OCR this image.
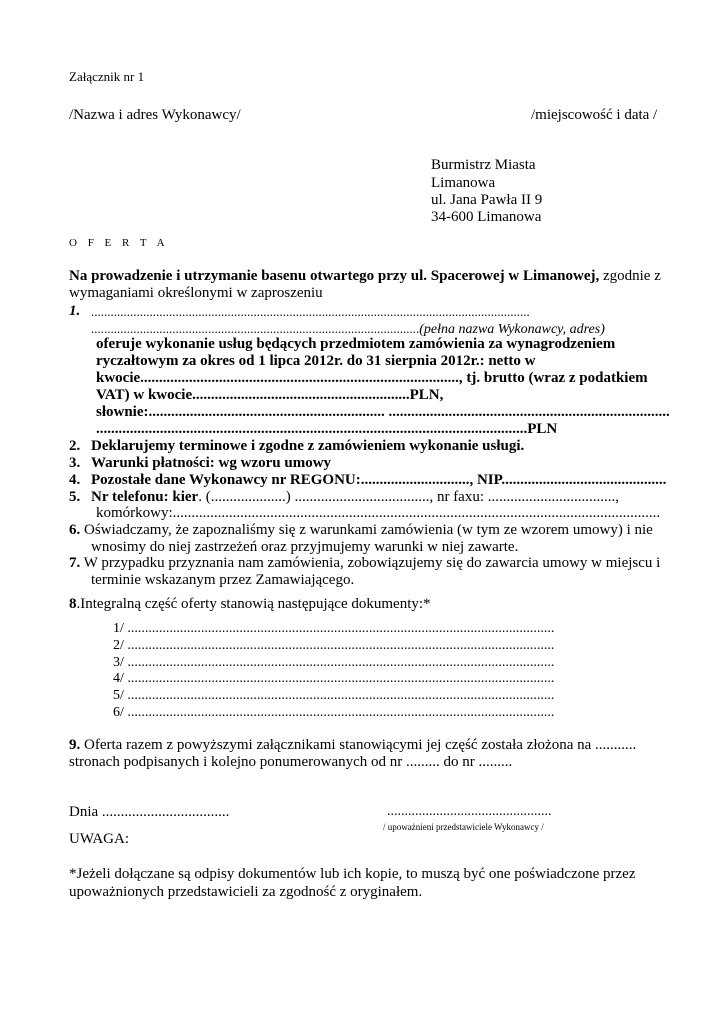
Załącznik nr 1
/Nazwa i adres Wykonawcy/	/miejscowość i data /
Burmistrz Miasta
Limanowa
ul. Jana Pawła II 9
34-600 Limanowa
O F E R T A
Na prowadzenie i utrzymanie basenu otwartego przy ul. Spacerowej w Limanowej, zgodnie z
wymaganiami określonymi w zaproszeniu
1. .......................................................................................................................................
.....................................................................................................(pełna nazwa Wykonawcy, adres)
oferuje wykonanie usług będących przedmiotem zamówienia za wynagrodzeniem
ryczałtowym za okres od 1 lipca 2012r. do 31 sierpnia 2012r.: netto w
kwocie....................................................................................., tj. brutto (wraz z podatkiem
VAT) w kwocie..........................................................PLN,
słownie:............................................................... ...........................................................................
...................................................................................................................PLN
2. Deklarujemy terminowe i zgodne z zamówieniem wykonanie usługi.
3. Warunki płatności: wg wzoru umowy
4. Pozostałe dane Wykonawcy nr REGONU:............................., NIP............................................
5. Nr telefonu: kier. (....................) ...................................., nr faxu: ..................................,
komórkowy:..................................................................................................................................
6. Oświadczamy, że zapoznaliśmy się z warunkami zamówienia (w tym ze wzorem umowy) i nie
wnosimy do niej zastrzeżeń oraz przyjmujemy warunki w niej zawarte.
7. W przypadku przyznania nam zamówienia, zobowiązujemy się do zawarcia umowy w miejscu i
terminie wskazanym przez Zamawiającego.
8.Integralną część oferty stanowią następujące dokumenty:*
1/ ..........................................................................................................................
2/ ..........................................................................................................................
3/ ..........................................................................................................................
4/ ..........................................................................................................................
5/ ..........................................................................................................................
6/ ..........................................................................................................................
9. Oferta razem z powyższymi załącznikami stanowiącymi jej część została złożona na ...........
stronach podpisanych i kolejno ponumerowanych od nr ......... do nr .........
Dnia ..................................	...............................................
/ upoważnieni przedstawiciele Wykonawcy /
UWAGA:
*Jeżeli dołączane są odpisy dokumentów lub ich kopie, to muszą być one poświadczone przez
upoważnionych przedstawicieli za zgodność z oryginałem.
